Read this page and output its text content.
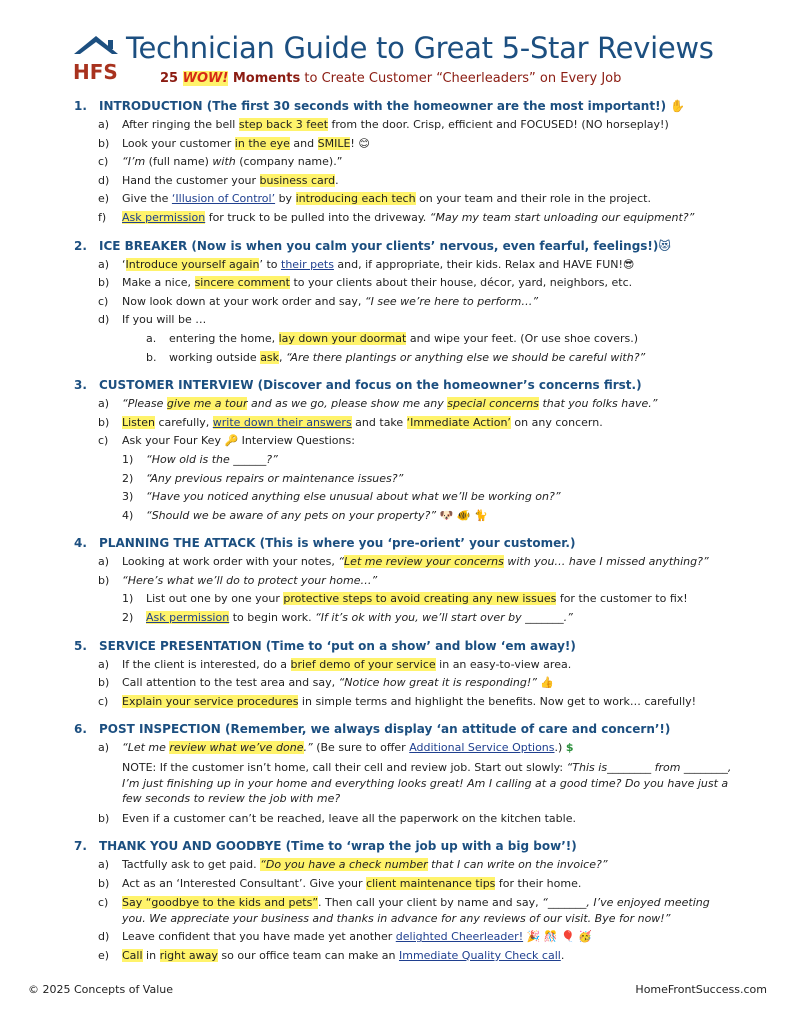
HFS
Technician Guide to Great 5-Star Reviews
25 WOW! Moments to Create Customer “Cheerleaders” on Every Job
1. INTRODUCTION (The first 30 seconds with the homeowner are the most important!) ✋
a) After ringing the bell step back 3 feet from the door. Crisp, efficient and FOCUSED! (NO horseplay!)
b) Look your customer in the eye and SMILE! 😊
c) “I’m (full name) with (company name).”
d) Hand the customer your business card.
e) Give the ‘Illusion of Control’ by introducing each tech on your team and their role in the project.
f) Ask permission for truck to be pulled into the driveway. “May my team start unloading our equipment?”
2. ICE BREAKER (Now is when you calm your clients’ nervous, even fearful, feelings!)😻
a) ‘Introduce yourself again’ to their pets and, if appropriate, their kids. Relax and HAVE FUN!😎
b) Make a nice, sincere comment to your clients about their house, décor, yard, neighbors, etc.
c) Now look down at your work order and say, “I see we’re here to perform…”
d) If you will be …
a. entering the home, lay down your doormat and wipe your feet. (Or use shoe covers.)
b. working outside ask, “Are there plantings or anything else we should be careful with?”
3. CUSTOMER INTERVIEW (Discover and focus on the homeowner’s concerns first.)
a) “Please give me a tour and as we go, please show me any special concerns that you folks have.”
b) Listen carefully, write down their answers and take ‘Immediate Action’ on any concern.
c) Ask your Four Key 🔑 Interview Questions:
1) “How old is the ______?”
2) “Any previous repairs or maintenance issues?”
3) “Have you noticed anything else unusual about what we’ll be working on?”
4) “Should we be aware of any pets on your property?” 🐶 🐠 🐈
4. PLANNING THE ATTACK (This is where you ‘pre-orient’ your customer.)
a) Looking at work order with your notes, “Let me review your concerns with you… have I missed anything?”
b) “Here’s what we’ll do to protect your home…”
1) List out one by one your protective steps to avoid creating any new issues for the customer to fix!
2) Ask permission to begin work. “If it’s ok with you, we’ll start over by _______.”
5. SERVICE PRESENTATION (Time to ‘put on a show’ and blow ‘em away!)
a) If the client is interested, do a brief demo of your service in an easy-to-view area.
b) Call attention to the test area and say, “Notice how great it is responding!” 👍
c) Explain your service procedures in simple terms and highlight the benefits. Now get to work… carefully!
6. POST INSPECTION (Remember, we always display ‘an attitude of care and concern’!)
a) “Let me review what we’ve done.” (Be sure to offer Additional Service Options.) $
NOTE: If the customer isn’t home, call their cell and review job. Start out slowly: “This is________ from ________, I’m just finishing up in your home and everything looks great! Am I calling at a good time? Do you have just a few seconds to review the job with me?
b) Even if a customer can’t be reached, leave all the paperwork on the kitchen table.
7. THANK YOU AND GOODBYE (Time to ‘wrap the job up with a big bow’!)
a) Tactfully ask to get paid. “Do you have a check number that I can write on the invoice?”
b) Act as an ‘Interested Consultant’. Give your client maintenance tips for their home.
c) Say “goodbye to the kids and pets”. Then call your client by name and say, “_______, I’ve enjoyed meeting you. We appreciate your business and thanks in advance for any reviews of our visit. Bye for now!”
d) Leave confident that you have made yet another delighted Cheerleader! 🎉 🎊 🎈 🥳
e) Call in right away so our office team can make an Immediate Quality Check call.
© 2025 Concepts of Value	HomeFrontSuccess.com
